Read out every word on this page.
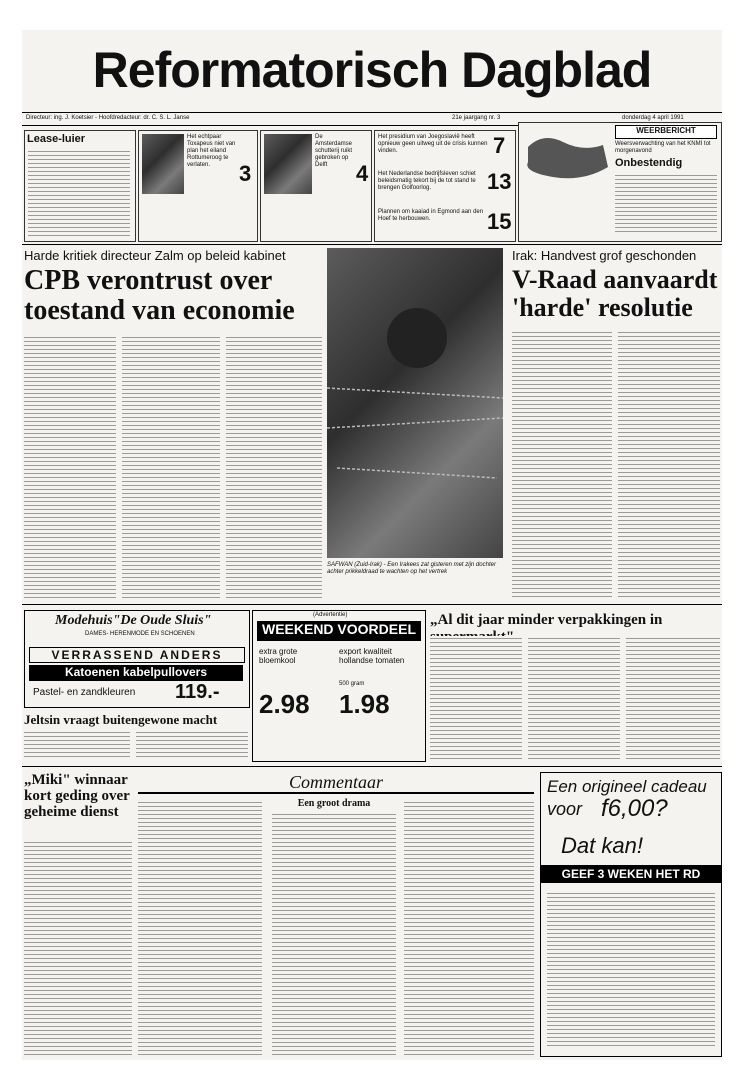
Reformatorisch Dagblad
Directeur: ing. J. Koetsier - Hoofdredacteur: dr. C. S. L. Janse	21e jaargang nr. 3	donderdag 4 april 1991
Lease-luier	Het echtpaar Toxapeus niet van plan het eiland Rottumeroog te verlaten.	3
De Amsterdamse schutterij ruikt gebroken op Delft	4
Het presidium van Joegoslavië heeft opnieuw geen uitweg uit de crisis kunnen vinden.	7
Het Nederlandse bedrijfsleven schiet beleidsmatig tekort bij de tot stand te brengen Golfoorlog.	13
Plannen om kaaiad in Egmond aan den Hoef te herbouwen.	15
WEERBERICHT
Weersverwachting van het KNMI tot morgenavond
Onbestendig
Harde kritiek directeur Zalm op beleid kabinet
CPB verontrust over toestand van economie
SAFWAN (Zuid-Irak) - Een Irakees zat gisteren met zijn dochter achter prikkeldraad te wachten op het vertrek
Irak: Handvest grof geschonden
V-Raad aanvaardt 'harde' resolutie
Modehuis"De Oude Sluis"
DAMES- HERENMODE EN SCHOENEN
VERRASSEND ANDERS
Katoenen kabelpullovers
Pastel- en zandkleuren 119.-
(Advertentie)
WEEKEND VOORDEEL
extra grote bloemkool
2.98
export kwaliteit hollandse tomaten
500 gram
1.98
Jeltsin vraagt buitengewone macht
„Al dit jaar minder verpakkingen in
„Miki" winnaar kort geding over geheime dienst
Commentaar
Een groot drama
Een origineel cadeau
voor f6,00?
Dat kan!
GEEF 3 WEKEN HET RD
